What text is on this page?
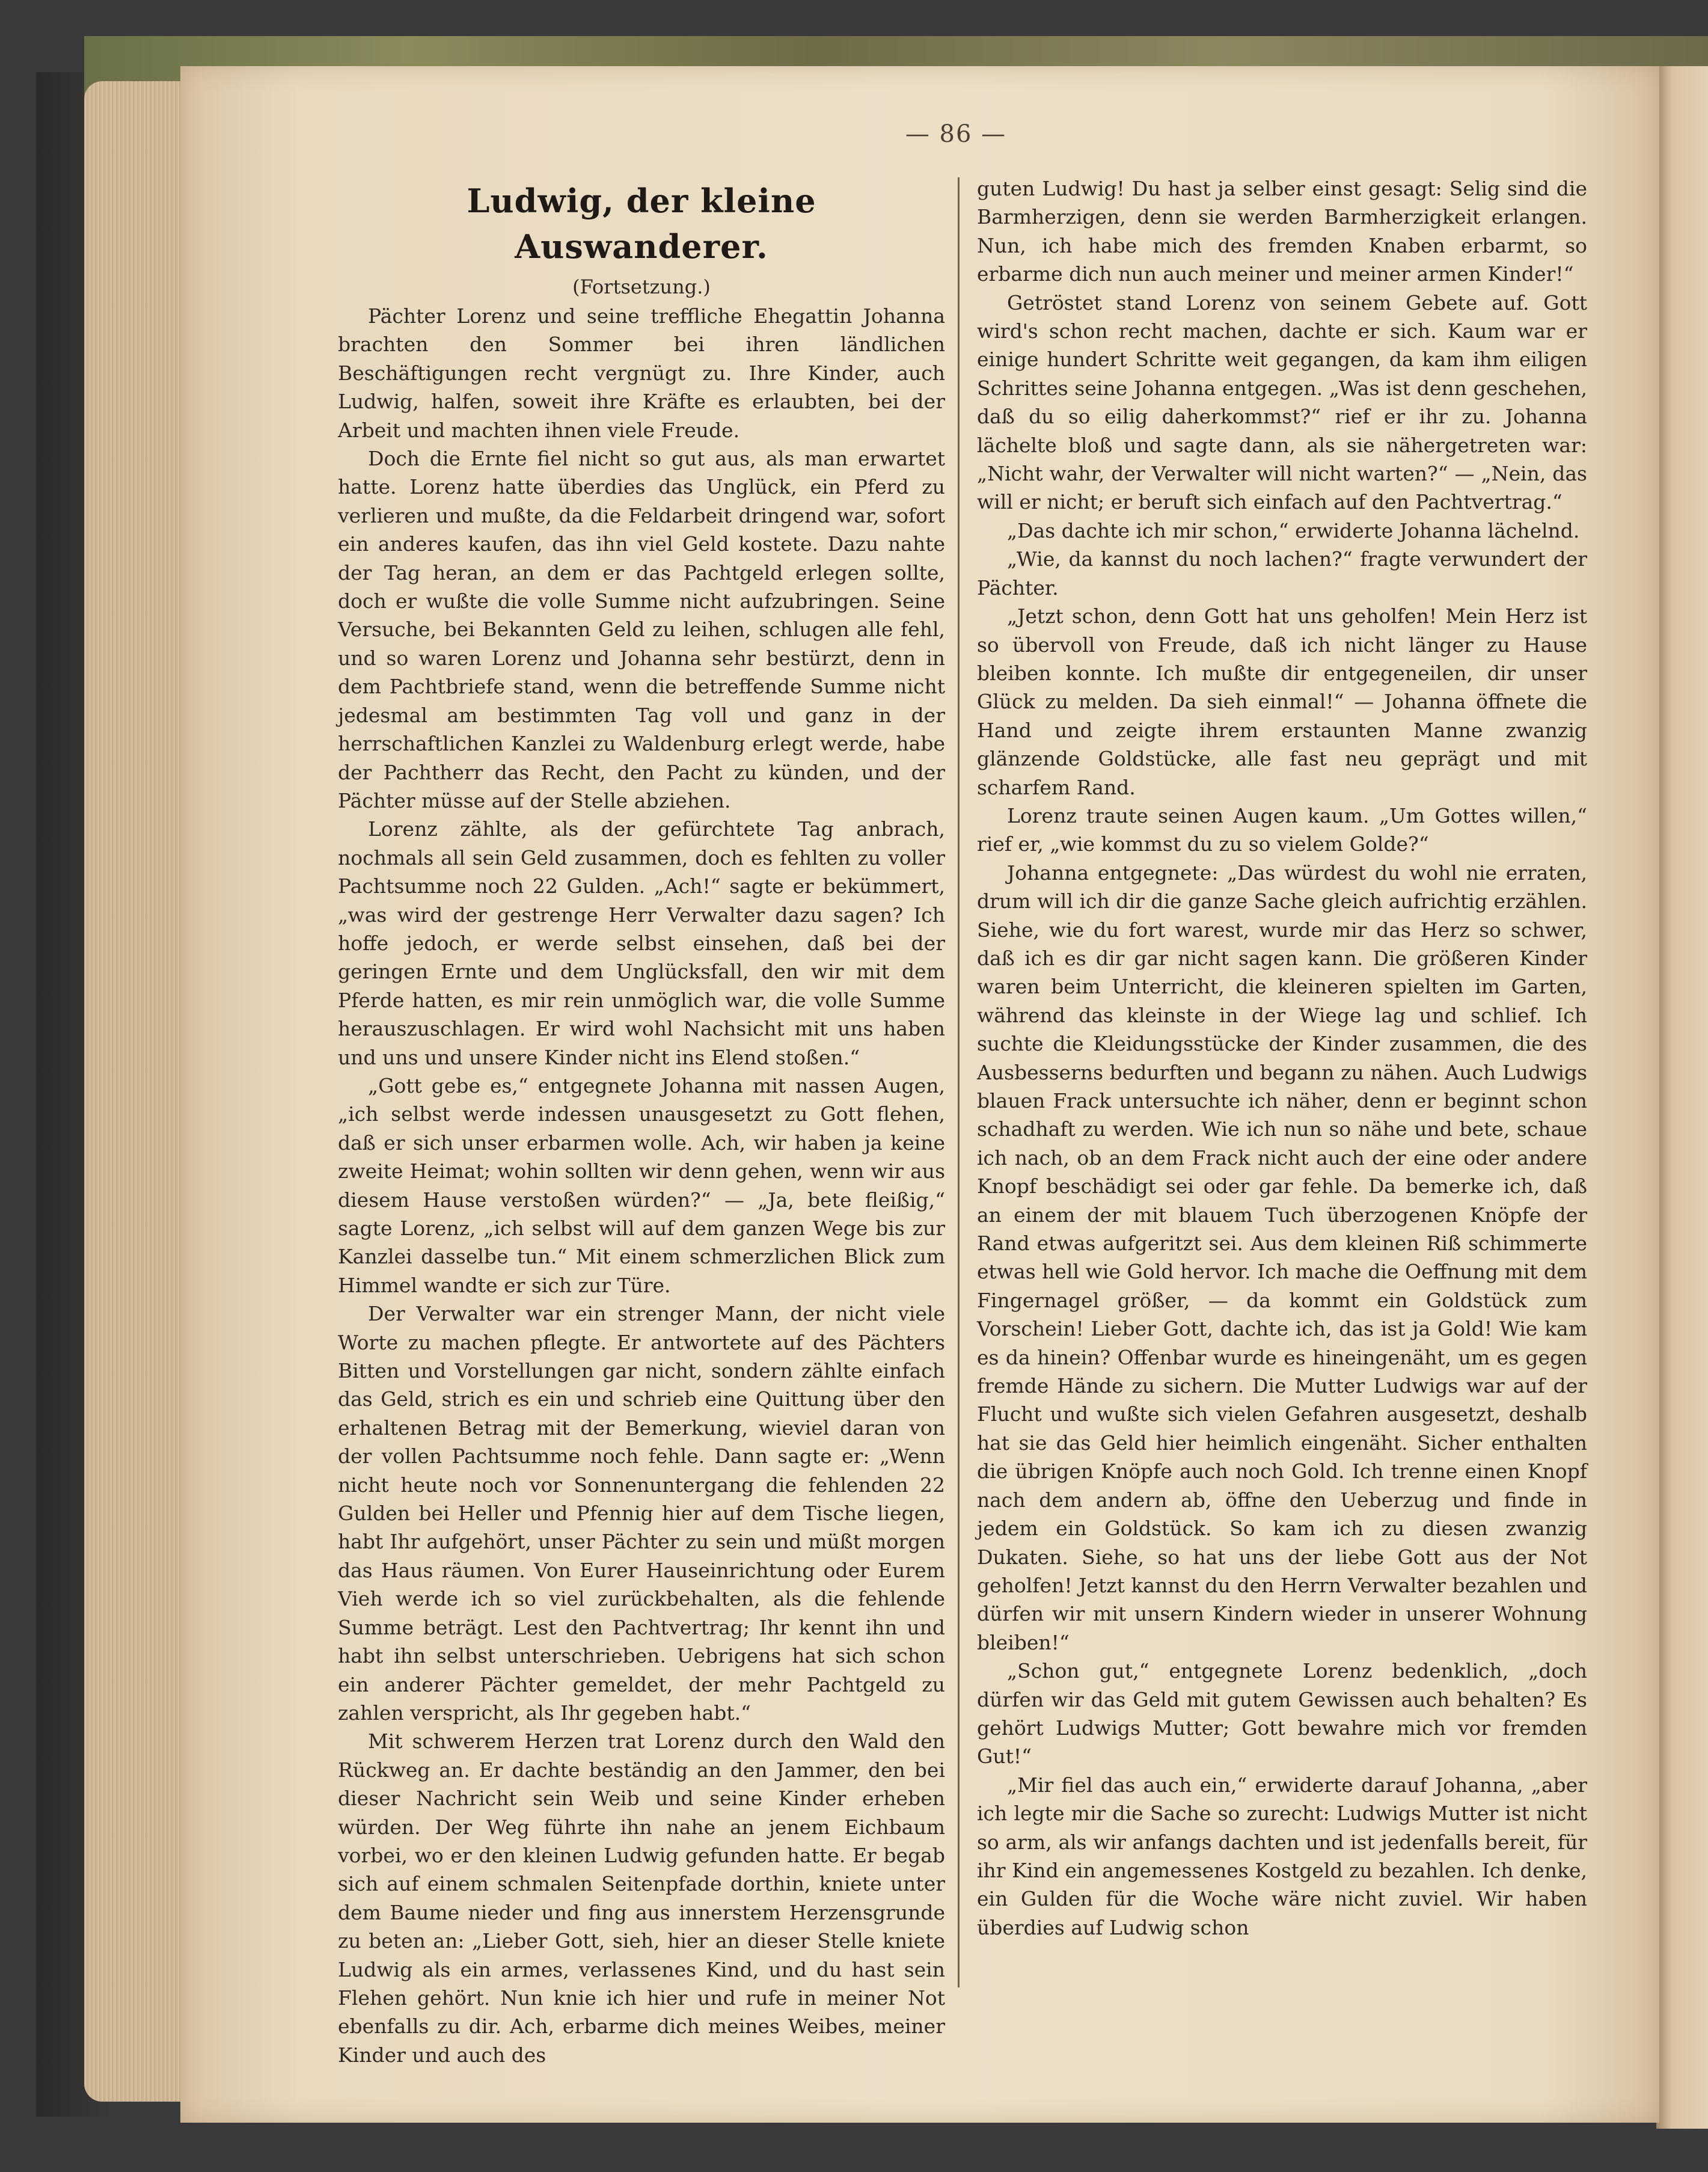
— 86 —
Ludwig, der kleine Auswanderer.
(Fortsetzung.)

Pächter Lorenz und seine treffliche Ehegattin Johanna brachten den Sommer bei ihren ländlichen Beschäftigungen recht vergnügt zu. Ihre Kinder, auch Ludwig, halfen, soweit ihre Kräfte es erlaubten, bei der Arbeit und machten ihnen viele Freude.

Doch die Ernte fiel nicht so gut aus, als man erwartet hatte. Lorenz hatte überdies das Unglück, ein Pferd zu verlieren und mußte, da die Feldarbeit dringend war, sofort ein anderes kaufen, das ihn viel Geld kostete. Dazu nahte der Tag heran, an dem er das Pachtgeld erlegen sollte, doch er wußte die volle Summe nicht aufzubringen. Seine Versuche, bei Bekannten Geld zu leihen, schlugen alle fehl, und so waren Lorenz und Johanna sehr bestürzt, denn in dem Pachtbriefe stand, wenn die betreffende Summe nicht jedesmal am bestimmten Tag voll und ganz in der herrschaftlichen Kanzlei zu Waldenburg erlegt werde, habe der Pachtherr das Recht, den Pacht zu künden, und der Pächter müsse auf der Stelle abziehen.

Lorenz zählte, als der gefürchtete Tag anbrach, nochmals all sein Geld zusammen, doch es fehlten zu voller Pachtsumme noch 22 Gulden. „Ach!“ sagte er bekümmert, „was wird der gestrenge Herr Verwalter dazu sagen? Ich hoffe jedoch, er werde selbst einsehen, daß bei der geringen Ernte und dem Unglücksfall, den wir mit dem Pferde hatten, es mir rein unmöglich war, die volle Summe herauszuschlagen. Er wird wohl Nachsicht mit uns haben und uns und unsere Kinder nicht ins Elend stoßen.“

„Gott gebe es,“ entgegnete Johanna mit nassen Augen, „ich selbst werde indessen unausgesetzt zu Gott flehen, daß er sich unser erbarmen wolle. Ach, wir haben ja keine zweite Heimat; wohin sollten wir denn gehen, wenn wir aus diesem Hause verstoßen würden?“ — „Ja, bete fleißig,“ sagte Lorenz, „ich selbst will auf dem ganzen Wege bis zur Kanzlei dasselbe tun.“ Mit einem schmerzlichen Blick zum Himmel wandte er sich zur Türe.

Der Verwalter war ein strenger Mann, der nicht viele Worte zu machen pflegte. Er antwortete auf des Pächters Bitten und Vorstellungen gar nicht, sondern zählte einfach das Geld, strich es ein und schrieb eine Quittung über den erhaltenen Betrag mit der Bemerkung, wieviel daran von der vollen Pachtsumme noch fehle. Dann sagte er: „Wenn nicht heute noch vor Sonnenuntergang die fehlenden 22 Gulden bei Heller und Pfennig hier auf dem Tische liegen, habt Ihr aufgehört, unser Pächter zu sein und müßt morgen das Haus räumen. Von Eurer Hauseinrichtung oder Eurem Vieh werde ich so viel zurückbehalten, als die fehlende Summe beträgt. Lest den Pachtvertrag; Ihr kennt ihn und habt ihn selbst unterschrieben. Uebrigens hat sich schon ein anderer Pächter gemeldet, der mehr Pachtgeld zu zahlen verspricht, als Ihr gegeben habt.“

Mit schwerem Herzen trat Lorenz durch den Wald den Rückweg an. Er dachte beständig an den Jammer, den bei dieser Nachricht sein Weib und seine Kinder erheben würden. Der Weg führte ihn nahe an jenem Eichbaum vorbei, wo er den kleinen Ludwig gefunden hatte. Er begab sich auf einem schmalen Seitenpfade dorthin, kniete unter dem Baume nieder und fing aus innerstem Herzensgrunde zu beten an: „Lieber Gott, sieh, hier an dieser Stelle kniete Ludwig als ein armes, verlassenes Kind, und du hast sein Flehen gehört. Nun knie ich hier und rufe in meiner Not ebenfalls zu dir. Ach, erbarme dich meines Weibes, meiner Kinder und auch des

guten Ludwig! Du hast ja selber einst gesagt: Selig sind die Barmherzigen, denn sie werden Barmherzigkeit erlangen. Nun, ich habe mich des fremden Knaben erbarmt, so erbarme dich nun auch meiner und meiner armen Kinder!“

Getröstet stand Lorenz von seinem Gebete auf. Gott wird's schon recht machen, dachte er sich. Kaum war er einige hundert Schritte weit gegangen, da kam ihm eiligen Schrittes seine Johanna entgegen. „Was ist denn geschehen, daß du so eilig daherkommst?“ rief er ihr zu. Johanna lächelte bloß und sagte dann, als sie nähergetreten war: „Nicht wahr, der Verwalter will nicht warten?“ — „Nein, das will er nicht; er beruft sich einfach auf den Pachtvertrag.“

„Das dachte ich mir schon,“ erwiderte Johanna lächelnd.

„Wie, da kannst du noch lachen?“ fragte verwundert der Pächter.

„Jetzt schon, denn Gott hat uns geholfen! Mein Herz ist so übervoll von Freude, daß ich nicht länger zu Hause bleiben konnte. Ich mußte dir entgegeneilen, dir unser Glück zu melden. Da sieh einmal!“ — Johanna öffnete die Hand und zeigte ihrem erstaunten Manne zwanzig glänzende Goldstücke, alle fast neu geprägt und mit scharfem Rand.

Lorenz traute seinen Augen kaum. „Um Gottes willen,“ rief er, „wie kommst du zu so vielem Golde?“

Johanna entgegnete: „Das würdest du wohl nie erraten, drum will ich dir die ganze Sache gleich aufrichtig erzählen. Siehe, wie du fort warest, wurde mir das Herz so schwer, daß ich es dir gar nicht sagen kann. Die größeren Kinder waren beim Unterricht, die kleineren spielten im Garten, während das kleinste in der Wiege lag und schlief. Ich suchte die Kleidungsstücke der Kinder zusammen, die des Ausbesserns bedurften und begann zu nähen. Auch Ludwigs blauen Frack untersuchte ich näher, denn er beginnt schon schadhaft zu werden. Wie ich nun so nähe und bete, schaue ich nach, ob an dem Frack nicht auch der eine oder andere Knopf beschädigt sei oder gar fehle. Da bemerke ich, daß an einem der mit blauem Tuch überzogenen Knöpfe der Rand etwas aufgeritzt sei. Aus dem kleinen Riß schimmerte etwas hell wie Gold hervor. Ich mache die Oeffnung mit dem Fingernagel größer, — da kommt ein Goldstück zum Vorschein! Lieber Gott, dachte ich, das ist ja Gold! Wie kam es da hinein? Offenbar wurde es hineingenäht, um es gegen fremde Hände zu sichern. Die Mutter Ludwigs war auf der Flucht und wußte sich vielen Gefahren ausgesetzt, deshalb hat sie das Geld hier heimlich eingenäht. Sicher enthalten die übrigen Knöpfe auch noch Gold. Ich trenne einen Knopf nach dem andern ab, öffne den Ueberzug und finde in jedem ein Goldstück. So kam ich zu diesen zwanzig Dukaten. Siehe, so hat uns der liebe Gott aus der Not geholfen! Jetzt kannst du den Herrn Verwalter bezahlen und dürfen wir mit unsern Kindern wieder in unserer Wohnung bleiben!“

„Schon gut,“ entgegnete Lorenz bedenklich, „doch dürfen wir das Geld mit gutem Gewissen auch behalten? Es gehört Ludwigs Mutter; Gott bewahre mich vor fremden Gut!“

„Mir fiel das auch ein,“ erwiderte darauf Johanna, „aber ich legte mir die Sache so zurecht: Ludwigs Mutter ist nicht so arm, als wir anfangs dachten und ist jedenfalls bereit, für ihr Kind ein angemessenes Kostgeld zu bezahlen. Ich denke, ein Gulden für die Woche wäre nicht zuviel. Wir haben überdies auf Ludwig schon
